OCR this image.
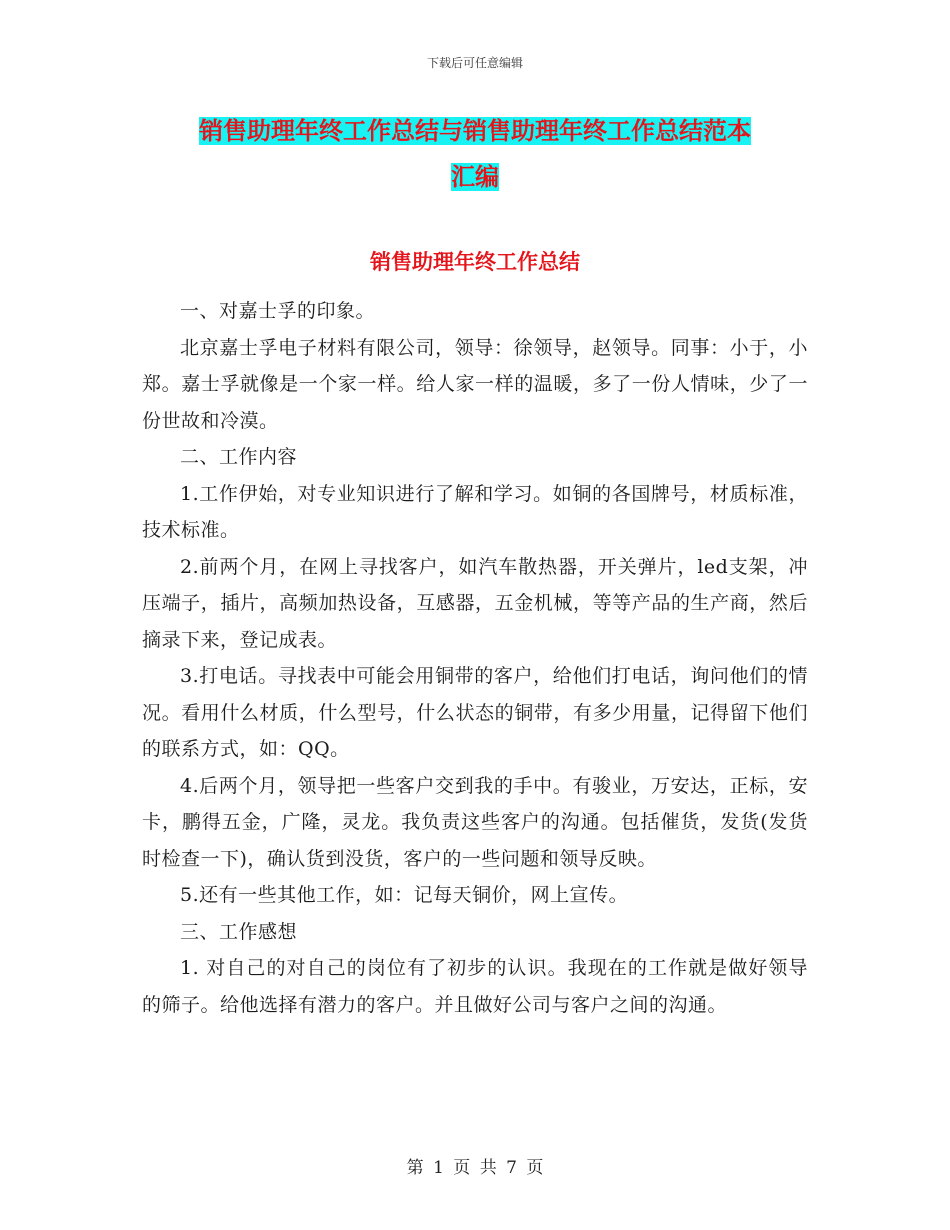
下载后可任意编辑
销售助理年终工作总结与销售助理年终工作总结范本
汇编
销售助理年终工作总结

一、对嘉士孚的印象。

北京嘉士孚电子材料有限公司，领导：徐领导，赵领导。同事：小于，小郑。嘉士孚就像是一个家一样。给人家一样的温暖，多了一份人情味，少了一份世故和冷漠。

二、工作内容

1.工作伊始，对专业知识进行了解和学习。如铜的各国牌号，材质标准，技术标准。

2.前两个月，在网上寻找客户，如汽车散热器，开关弹片，led支架，冲压端子，插片，高频加热设备，互感器，五金机械，等等产品的生产商，然后摘录下来，登记成表。

3.打电话。寻找表中可能会用铜带的客户，给他们打电话，询问他们的情况。看用什么材质，什么型号，什么状态的铜带，有多少用量，记得留下他们的联系方式，如：QQ。

4.后两个月，领导把一些客户交到我的手中。有骏业，万安达，正标，安卡，鹏得五金，广隆，灵龙。我负责这些客户的沟通。包括催货，发货(发货时检查一下)，确认货到没货，客户的一些问题和领导反映。

5.还有一些其他工作，如：记每天铜价，网上宣传。

三、工作感想

1. 对自己的对自己的岗位有了初步的认识。我现在的工作就是做好领导的筛子。给他选择有潜力的客户。并且做好公司与客户之间的沟通。

第 1 页 共 7 页
